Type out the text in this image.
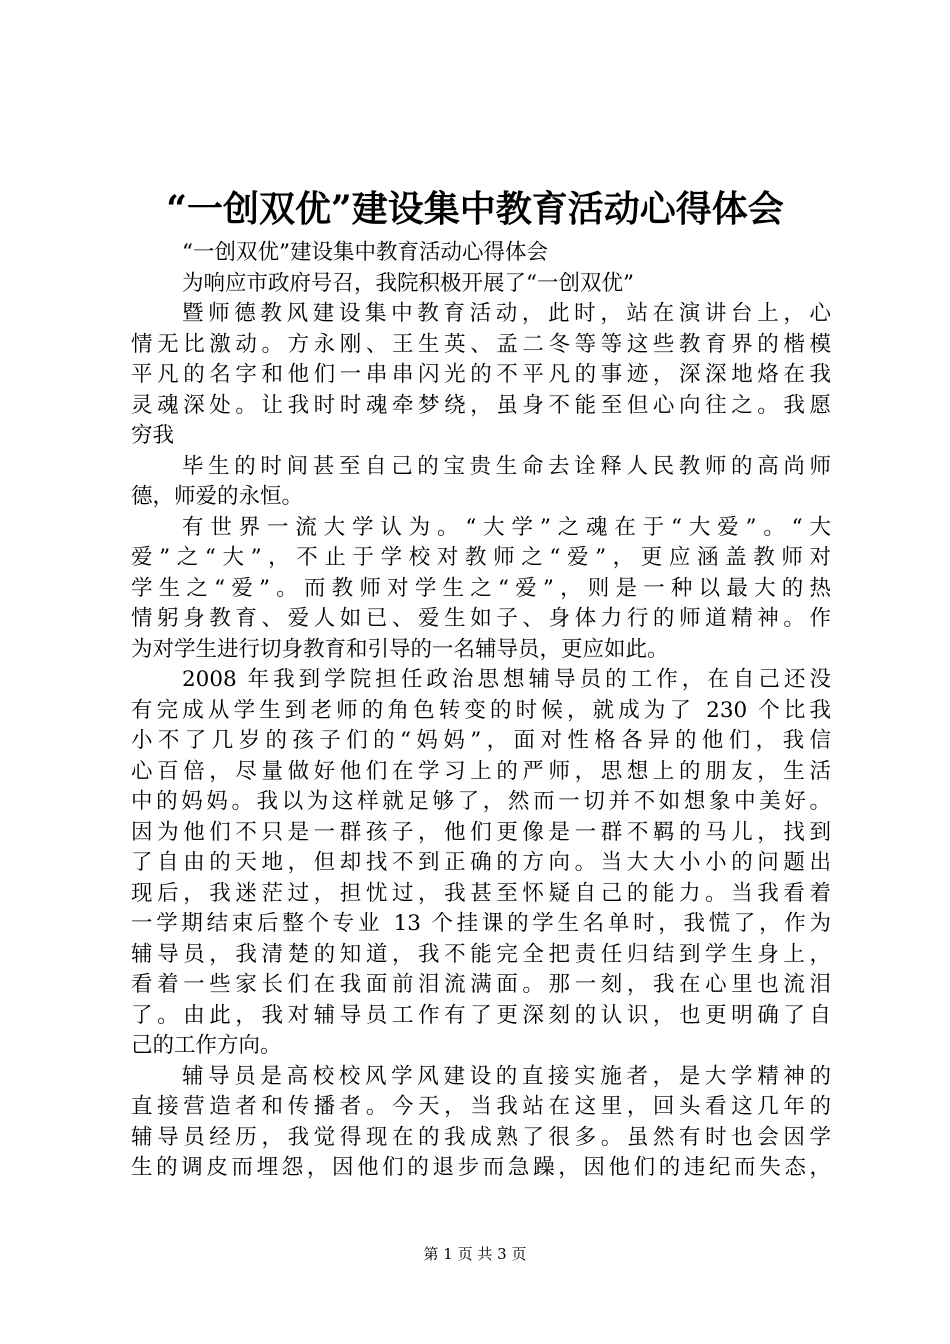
“一创双优”建设集中教育活动心得体会
“一创双优”建设集中教育活动心得体会
为响应市政府号召，我院积极开展了“一创双优”
暨师德教风建设集中教育活动，此时，站在演讲台上，心
情无比激动。方永刚、王生英、孟二冬等等这些教育界的楷模
平凡的名字和他们一串串闪光的不平凡的事迹，深深地烙在我
灵魂深处。让我时时魂牵梦绕，虽身不能至但心向往之。我愿
穷我
毕生的时间甚至自己的宝贵生命去诠释人民教师的高尚师
德，师爱的永恒。
有世界一流大学认为。“大学”之魂在于“大爱”。“大
爱”之“大”，不止于学校对教师之“爱”，更应涵盖教师对
学生之“爱”。而教师对学生之“爱”，则是一种以最大的热
情躬身教育、爱人如已、爱生如子、身体力行的师道精神。作
为对学生进行切身教育和引导的一名辅导员，更应如此。
2008 年我到学院担任政治思想辅导员的工作，在自己还没
有完成从学生到老师的角色转变的时候，就成为了 230 个比我
小不了几岁的孩子们的“妈妈”，面对性格各异的他们，我信
心百倍，尽量做好他们在学习上的严师，思想上的朋友，生活
中的妈妈。我以为这样就足够了，然而一切并不如想象中美好。
因为他们不只是一群孩子，他们更像是一群不羁的马儿，找到
了自由的天地，但却找不到正确的方向。当大大小小的问题出
现后，我迷茫过，担忧过，我甚至怀疑自己的能力。当我看着
一学期结束后整个专业 13 个挂课的学生名单时，我慌了，作为
辅导员，我清楚的知道，我不能完全把责任归结到学生身上，
看着一些家长们在我面前泪流满面。那一刻，我在心里也流泪
了。由此，我对辅导员工作有了更深刻的认识，也更明确了自
己的工作方向。
辅导员是高校校风学风建设的直接实施者，是大学精神的
直接营造者和传播者。今天，当我站在这里，回头看这几年的
辅导员经历，我觉得现在的我成熟了很多。虽然有时也会因学
生的调皮而埋怨，因他们的退步而急躁，因他们的违纪而失态，
第 1 页 共 3 页
